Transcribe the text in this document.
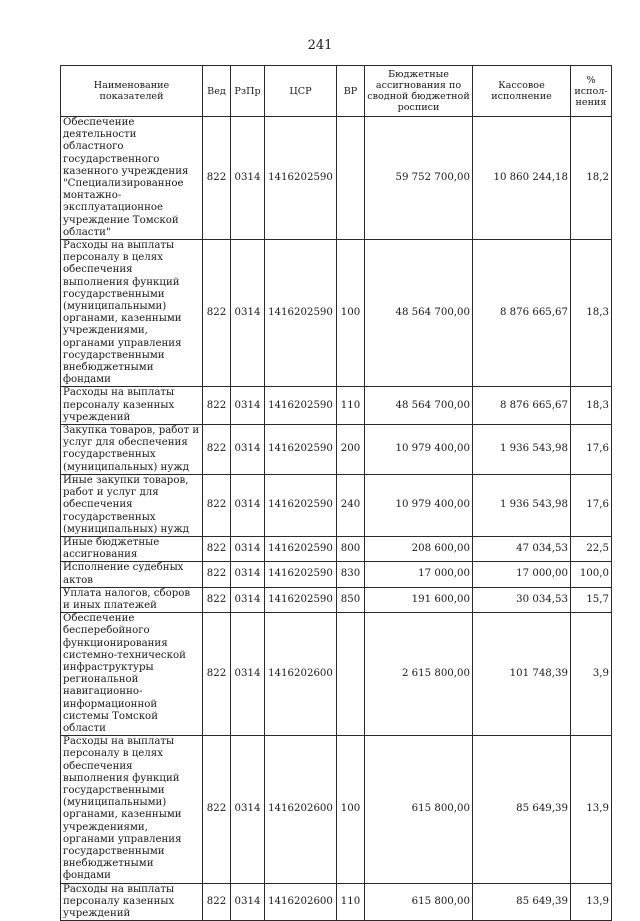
241
Наименование показателей	Вед	РзПр	ЦСР	ВР	Бюджетные ассигнования по сводной бюджетной росписи	Кассовое исполнение	% испол-нения
Обеспечение деятельности областного государственного казенного учреждения "Специализированное монтажно-эксплуатационное учреждение Томской области"	822	0314	1416202590		59 752 700,00	10 860 244,18	18,2
Расходы на выплаты персоналу в целях обеспечения выполнения функций государственными (муниципальными) органами, казенными учреждениями, органами управления государственными внебюджетными фондами	822	0314	1416202590	100	48 564 700,00	8 876 665,67	18,3
Расходы на выплаты персоналу казенных учреждений	822	0314	1416202590	110	48 564 700,00	8 876 665,67	18,3
Закупка товаров, работ и услуг для обеспечения государственных (муниципальных) нужд	822	0314	1416202590	200	10 979 400,00	1 936 543,98	17,6
Иные закупки товаров, работ и услуг для обеспечения государственных (муниципальных) нужд	822	0314	1416202590	240	10 979 400,00	1 936 543,98	17,6
Иные бюджетные ассигнования	822	0314	1416202590	800	208 600,00	47 034,53	22,5
Исполнение судебных актов	822	0314	1416202590	830	17 000,00	17 000,00	100,0
Уплата налогов, сборов и иных платежей	822	0314	1416202590	850	191 600,00	30 034,53	15,7
Обеспечение бесперебойного функционирования системно-технической инфраструктуры региональной навигационно-информационной системы Томской области	822	0314	1416202600		2 615 800,00	101 748,39	3,9
Расходы на выплаты персоналу в целях обеспечения выполнения функций государственными (муниципальными) органами, казенными учреждениями, органами управления государственными внебюджетными фондами	822	0314	1416202600	100	615 800,00	85 649,39	13,9
Расходы на выплаты персоналу казенных учреждений	822	0314	1416202600	110	615 800,00	85 649,39	13,9
